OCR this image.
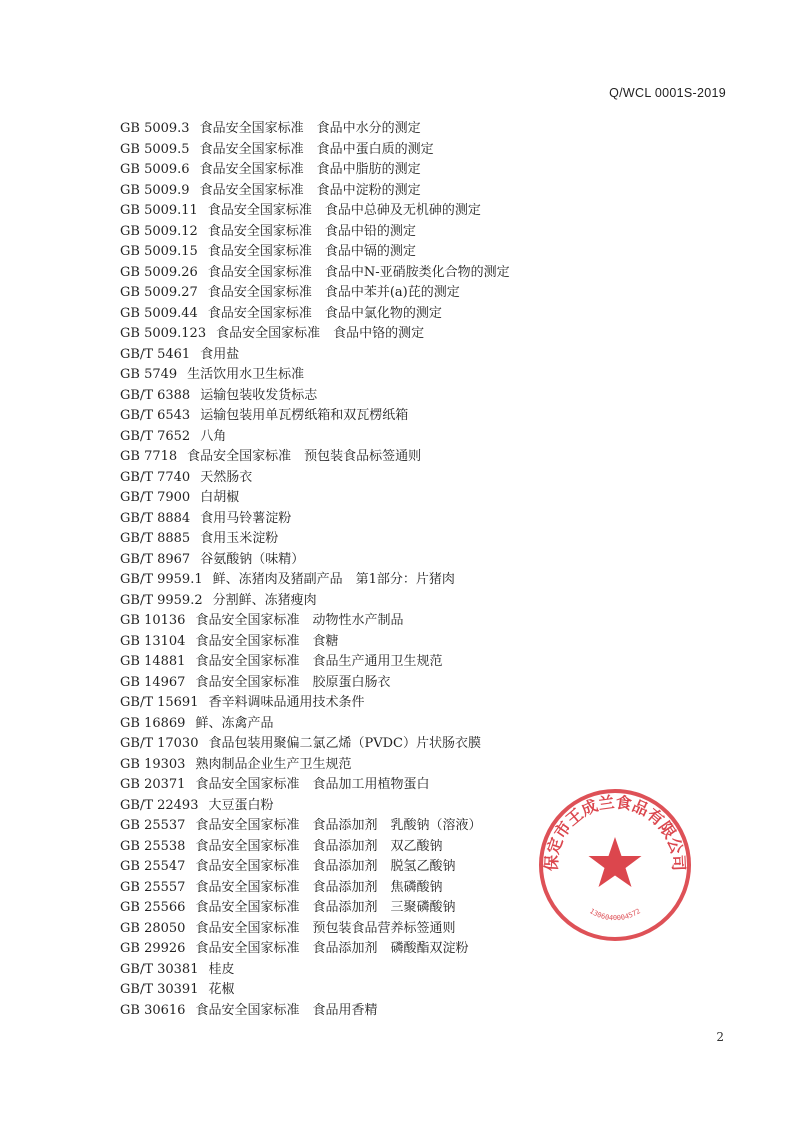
Q/WCL 0001S-2019
GB 5009.3 食品安全国家标准　食品中水分的测定
GB 5009.5 食品安全国家标准　食品中蛋白质的测定
GB 5009.6 食品安全国家标准　食品中脂肪的测定
GB 5009.9 食品安全国家标准　食品中淀粉的测定
GB 5009.11 食品安全国家标准　食品中总砷及无机砷的测定
GB 5009.12 食品安全国家标准　食品中铅的测定
GB 5009.15 食品安全国家标准　食品中镉的测定
GB 5009.26 食品安全国家标准　食品中N-亚硝胺类化合物的测定
GB 5009.27 食品安全国家标准　食品中苯并(a)芘的测定
GB 5009.44 食品安全国家标准　食品中氯化物的测定
GB 5009.123 食品安全国家标准　食品中铬的测定
GB/T 5461 食用盐
GB 5749 生活饮用水卫生标准
GB/T 6388 运输包装收发货标志
GB/T 6543 运输包装用单瓦楞纸箱和双瓦楞纸箱
GB/T 7652 八角
GB 7718 食品安全国家标准　预包装食品标签通则
GB/T 7740 天然肠衣
GB/T 7900 白胡椒
GB/T 8884 食用马铃薯淀粉
GB/T 8885 食用玉米淀粉
GB/T 8967 谷氨酸钠（味精）
GB/T 9959.1 鲜、冻猪肉及猪副产品　第1部分：片猪肉
GB/T 9959.2 分割鲜、冻猪瘦肉
GB 10136 食品安全国家标准　动物性水产制品
GB 13104 食品安全国家标准　食糖
GB 14881 食品安全国家标准　食品生产通用卫生规范
GB 14967 食品安全国家标准　胶原蛋白肠衣
GB/T 15691 香辛料调味品通用技术条件
GB 16869 鲜、冻禽产品
GB/T 17030 食品包装用聚偏二氯乙烯（PVDC）片状肠衣膜
GB 19303 熟肉制品企业生产卫生规范
GB 20371 食品安全国家标准　食品加工用植物蛋白
GB/T 22493 大豆蛋白粉
GB 25537 食品安全国家标准　食品添加剂　乳酸钠（溶液）
GB 25538 食品安全国家标准　食品添加剂　双乙酸钠
GB 25547 食品安全国家标准　食品添加剂　脱氢乙酸钠
GB 25557 食品安全国家标准　食品添加剂　焦磷酸钠
GB 25566 食品安全国家标准　食品添加剂　三聚磷酸钠
GB 28050 食品安全国家标准　预包装食品营养标签通则
GB 29926 食品安全国家标准　食品添加剂　磷酸酯双淀粉
GB/T 30381 桂皮
GB/T 30391 花椒
GB 30616 食品安全国家标准　食品用香精
2
保定市王成兰食品有限公司
1306040004572
